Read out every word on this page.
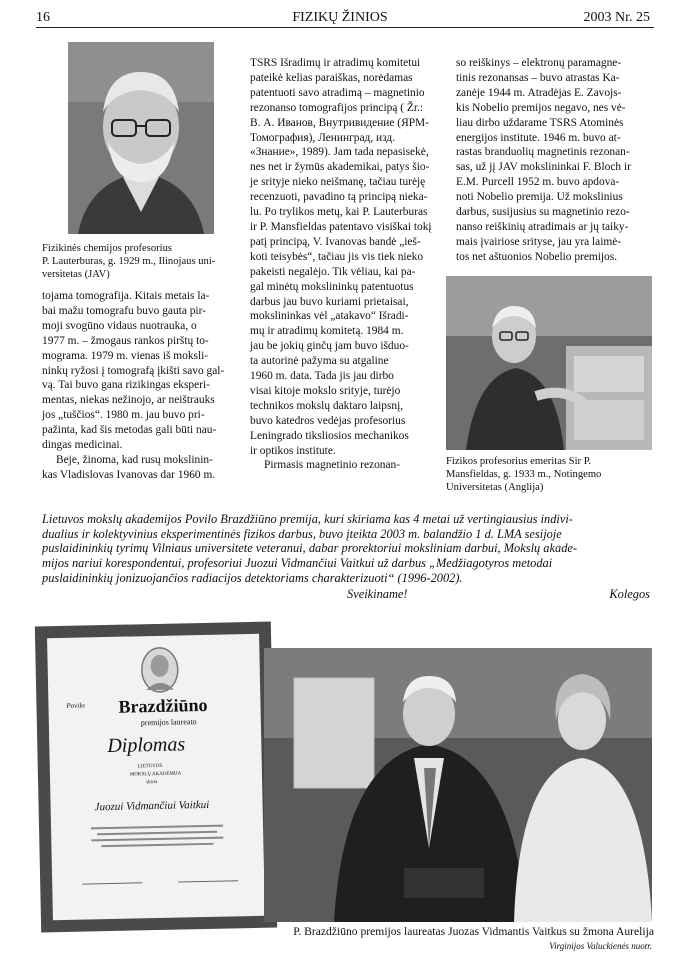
16	FIZIKŲ ŽINIOS	2003 Nr. 25
Fizikinės chemijos profesorius
P. Lauterburas, g. 1929 m., Ilinojaus uni-
versitetas (JAV)

tojama tomografija. Kitais metais la-

bai mažu tomografu buvo gauta pir-

moji svogūno vidaus nuotrauka, o

1977 m. – žmogaus rankos pirštų to-

mograma. 1979 m. vienas iš moksli-

ninkų ryžosi į tomografą įkišti savo gal-

vą. Tai buvo gana rizikingas eksperi-

mentas, niekas nežinojo, ar neištrauks

jos „tuščios“. 1980 m. jau buvo pri-

pažinta, kad šis metodas gali būti nau-

dingas medicinai.

Beje, žinoma, kad rusų mokslinin-

kas Vladislovas Ivanovas dar 1960 m.

TSRS Išradimų ir atradimų komitetui

pateikė kelias paraiškas, norėdamas

patentuoti savo atradimą – magnetinio

rezonanso tomografijos principą ( Žr.:

В. А. Иванов, Внутривидение (ЯРМ-

Томография), Ленинград, изд.

«Знание», 1989). Jam tada nepasisekė,

nes net ir žymūs akademikai, patys šio-

je srityje nieko neišmanę, tačiau turėję

recenzuoti, pavadino tą principą nieka-

lu. Po trylikos metų, kai P. Lauterburas

ir P. Mansfieldas patentavo visiškai tokį

patį principą, V. Ivanovas bandė „ieš-

koti teisybės“, tačiau jis vis tiek nieko

pakeisti negalėjo. Tik vėliau, kai pa-

gal minėtų mokslininkų patentuotus

darbus jau buvo kuriami prietaisai,

mokslininkas vėl „atakavo“ Išradi-

mų ir atradimų komitetą. 1984 m.

jau be jokių ginčų jam buvo išduo-

ta autorinė pažyma su atgaline

1960 m. data. Tada jis jau dirbo

visai kitoje mokslo srityje, turėjo

technikos mokslų daktaro laipsnį,

buvo katedros vedėjas profesorius

Leningrado tiksliosios mechanikos

ir optikos institute.

Pirmasis magnetinio rezonan-

so reiškinys – elektronų paramagne-

tinis rezonansas – buvo atrastas Ka-

zanėje 1944 m. Atradėjas E. Zavojs-

kis Nobelio premijos negavo, nes vė-

liau dirbo uždarame TSRS Atominės

energijos institute. 1946 m. buvo at-

rastas branduolių magnetinis rezonan-

sas, už jį JAV mokslininkai F. Bloch ir

E.M. Purcell 1952 m. buvo apdova-

noti Nobelio premija. Už mokslinius

darbus, susijusius su magnetinio rezo-

nanso reiškinių atradimais ar jų taiky-

mais įvairiose srityse, jau yra laimė-

tos net aštuonios Nobelio premijos.

Fizikos profesorius emeritas Sir P.
Mansfieldas, g. 1933 m., Notingemo
Universitetas (Anglija)
Lietuvos mokslų akademijos Povilo Brazdžiūno premija, kuri skiriama kas 4 metai už vertingiausius indivi-
dualius ir kolektyvinius eksperimentinės fizikos darbus, buvo įteikta 2003 m. balandžio 1 d. LMA sesijoje
puslaidininkių tyrimų Vilniaus universitete veteranui, dabar prorektoriui moksliniam darbui, Mokslų akade-
mijos nariui korespondentui, profesoriui Juozui Vidmančiui Vaitkui už darbus „Medžiagotyros metodai
puslaidininkių jonizuojančios radiacijos detektoriams charakterizuoti“ (1996-2002).
Sveikiname!	Kolegos
Povilo Brazdžiūno
premijos laureato
Diplomas
LIETUVOS
MOKSLŲ AKADEMIJA
skiria
Juozui Vidmančiui Vaitkui
P. Brazdžiūno premijos laureatas Juozas Vidmantis Vaitkus su žmona Aurelija
Virginijos Valuckienės nuotr.
